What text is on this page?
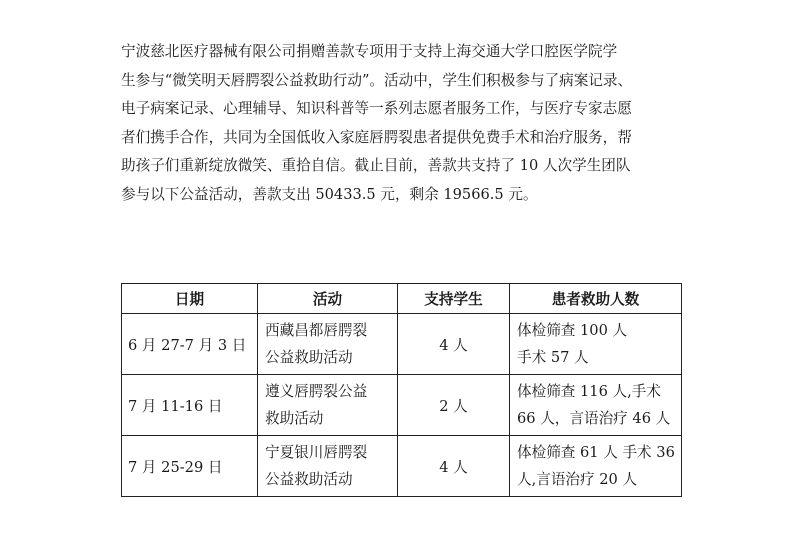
宁波慈北医疗器械有限公司捐赠善款专项用于支持上海交通大学口腔医学院学
生参与“微笑明天唇腭裂公益救助行动”。活动中，学生们积极参与了病案记录、
电子病案记录、心理辅导、知识科普等一系列志愿者服务工作，与医疗专家志愿
者们携手合作，共同为全国低收入家庭唇腭裂患者提供免费手术和治疗服务，帮
助孩子们重新绽放微笑、重拾自信。截止目前，善款共支持了 10 人次学生团队
参与以下公益活动，善款支出 50433.5 元，剩余 19566.5 元。
日期	活动	支持学生	患者救助人数
6 月 27-7 月 3 日	西藏昌都唇腭裂
公益救助活动	4 人	体检筛查 100 人
手术 57 人

7 月 11-16 日	遵义唇腭裂公益
救助活动	2 人	体检筛查 116 人,手术
66 人，言语治疗 46 人

7 月 25-29 日	宁夏银川唇腭裂
公益救助活动	4 人	体检筛查 61 人 手术 36
人,言语治疗 20 人
